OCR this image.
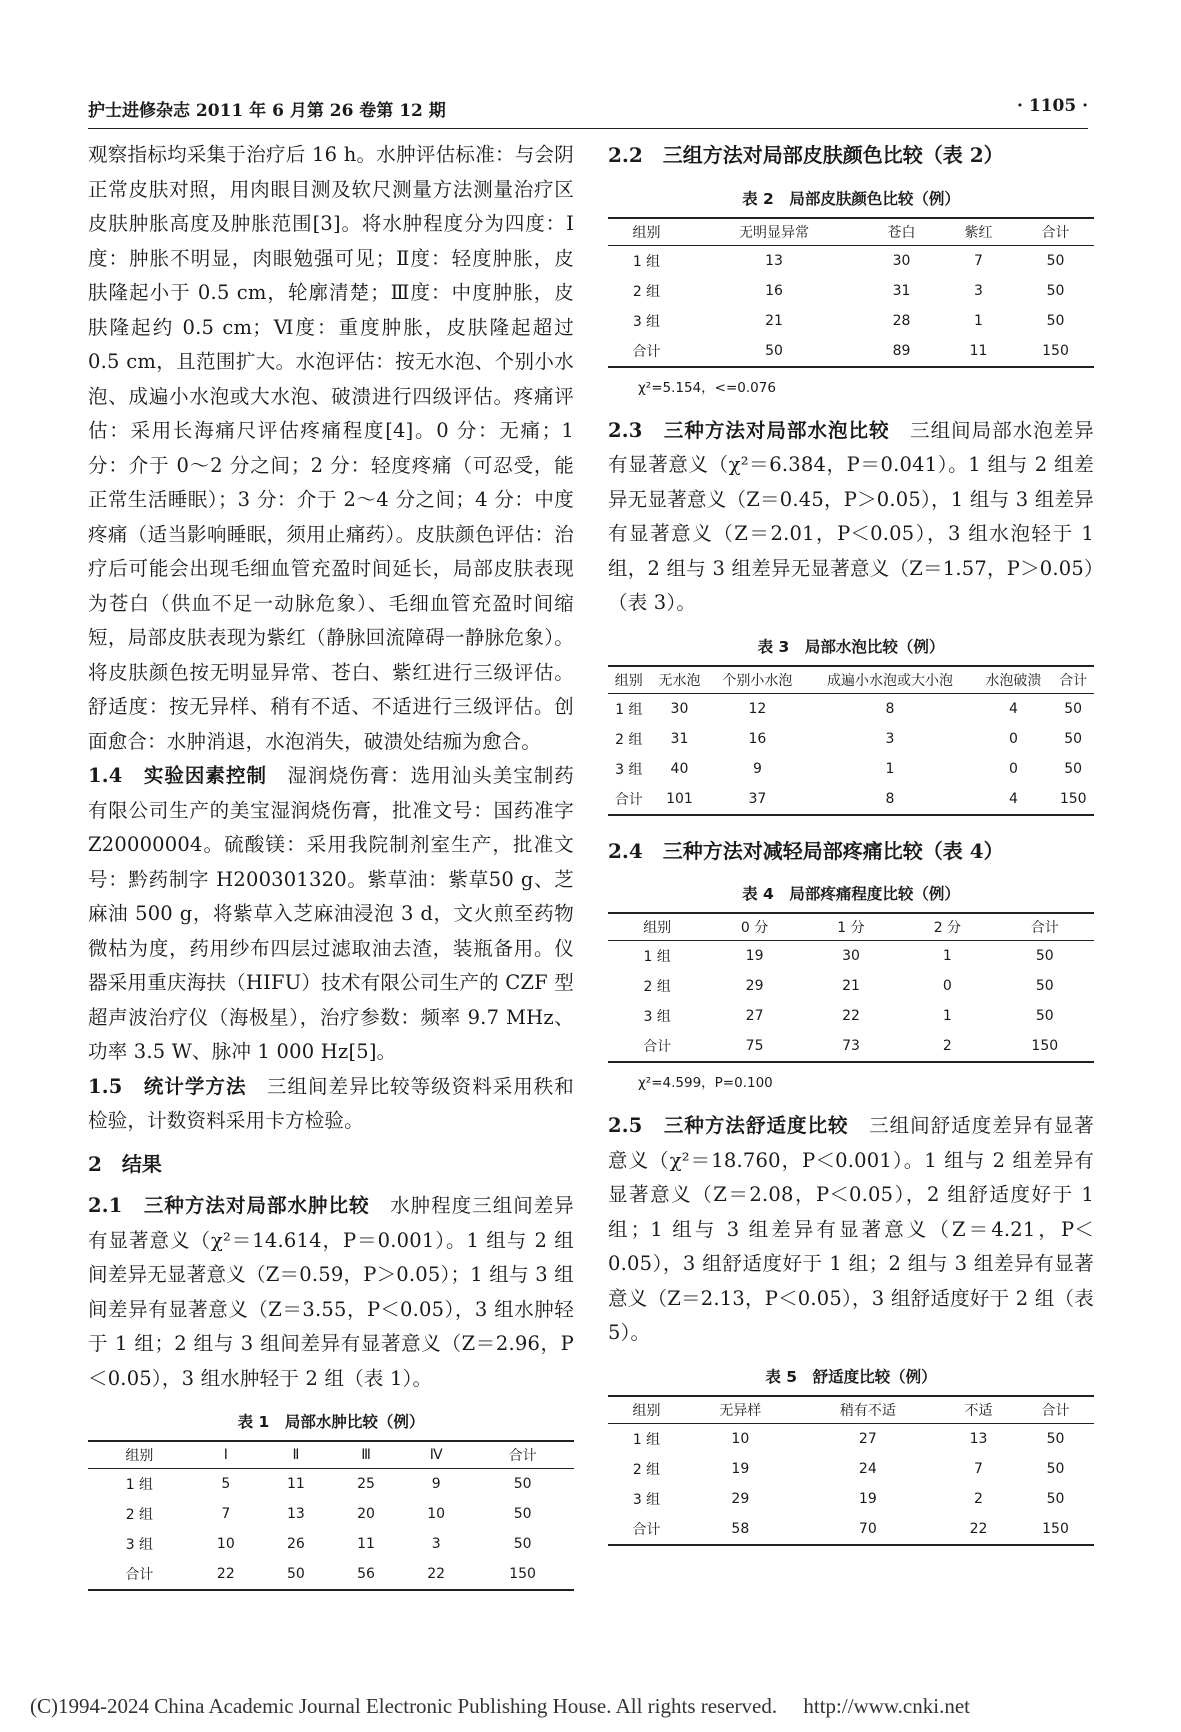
护士进修杂志 2011 年 6 月第 26 卷第 12 期	· 1105 ·

观察指标均采集于治疗后 16 h。水肿评估标准：与会阴正常皮肤对照，用肉眼目测及软尺测量方法测量治疗区皮肤肿胀高度及肿胀范围[3]。将水肿程度分为四度：Ⅰ度：肿胀不明显，肉眼勉强可见；Ⅱ度：轻度肿胀，皮肤隆起小于 0.5 cm，轮廓清楚；Ⅲ度：中度肿胀，皮肤隆起约 0.5 cm；Ⅵ度：重度肿胀，皮肤隆起超过 0.5 cm，且范围扩大。水泡评估：按无水泡、个别小水泡、成遍小水泡或大水泡、破溃进行四级评估。疼痛评估：采用长海痛尺评估疼痛程度[4]。0 分：无痛；1 分：介于 0～2 分之间；2 分：轻度疼痛（可忍受，能正常生活睡眠）；3 分：介于 2～4 分之间；4 分：中度疼痛（适当影响睡眠，须用止痛药）。皮肤颜色评估：治疗后可能会出现毛细血管充盈时间延长，局部皮肤表现为苍白（供血不足一动脉危象）、毛细血管充盈时间缩短，局部皮肤表现为紫红（静脉回流障碍一静脉危象）。将皮肤颜色按无明显异常、苍白、紫红进行三级评估。舒适度：按无异样、稍有不适、不适进行三级评估。创面愈合：水肿消退，水泡消失，破溃处结痂为愈合。

1.4　实验因素控制　 湿润烧伤膏：选用汕头美宝制药有限公司生产的美宝湿润烧伤膏，批准文号：国药准字 Z20000004。硫酸镁：采用我院制剂室生产，批准文号：黔药制字 H200301320。紫草油：紫草50 g、芝麻油 500 g，将紫草入芝麻油浸泡 3 d，文火煎至药物微枯为度，药用纱布四层过滤取油去渣，装瓶备用。仪器采用重庆海扶（HIFU）技术有限公司生产的 CZF 型超声波治疗仪（海极星），治疗参数：频率 9.7 MHz、功率 3.5 W、脉冲 1 000 Hz[5]。

1.5　统计学方法　 三组间差异比较等级资料采用秩和检验，计数资料采用卡方检验。

2　结果

2.1　三种方法对局部水肿比较　 水肿程度三组间差异有显著意义（χ²＝14.614，P＝0.001）。1 组与 2 组间差异无显著意义（Z＝0.59，P＞0.05）；1 组与 3 组间差异有显著意义（Z＝3.55，P＜0.05），3 组水肿轻于 1 组；2 组与 3 组间差异有显著意义（Z＝2.96，P＜0.05），3 组水肿轻于 2 组（表 1）。

表 1　局部水肿比较（例）
组别	Ⅰ	Ⅱ	Ⅲ	Ⅳ	合计
1 组	5	11	25	9	50
2 组	7	13	20	10	50
3 组	10	26	11	3	50
合计	22	50	56	22	150
2.2　三组方法对局部皮肤颜色比较（表 2）
表 2　局部皮肤颜色比较（例）
组别	无明显异常	苍白	紫红	合计
1 组	13	30	7	50
2 组	16	31	3	50
3 组	21	28	1	50
合计	50	89	11	150
χ²=5.154，<=0.076

2.3　三种方法对局部水泡比较　 三组间局部水泡差异有显著意义（χ²＝6.384，P＝0.041）。1 组与 2 组差异无显著意义（Z＝0.45，P＞0.05），1 组与 3 组差异有显著意义（Z＝2.01，P＜0.05），3 组水泡轻于 1 组，2 组与 3 组差异无显著意义（Z＝1.57，P＞0.05）（表 3）。

表 3　局部水泡比较（例）
组别	无水泡	个别小水泡	成遍小水泡或大小泡	水泡破溃	合计
1 组	30	12	8	4	50
2 组	31	16	3	0	50
3 组	40	9	1	0	50
合计	101	37	8	4	150
2.4　三种方法对减轻局部疼痛比较（表 4）
表 4　局部疼痛程度比较（例）
组别	0 分	1 分	2 分	合计
1 组	19	30	1	50
2 组	29	21	0	50
3 组	27	22	1	50
合计	75	73	2	150
χ²=4.599，P=0.100

2.5　三种方法舒适度比较　 三组间舒适度差异有显著意义（χ²＝18.760，P＜0.001）。1 组与 2 组差异有显著意义（Z＝2.08，P＜0.05），2 组舒适度好于 1 组；1 组与 3 组差异有显著意义（Z＝4.21，P＜0.05），3 组舒适度好于 1 组；2 组与 3 组差异有显著意义（Z＝2.13，P＜0.05），3 组舒适度好于 2 组（表 5）。

表 5　舒适度比较（例）
组别	无异样	稍有不适	不适	合计
1 组	10	27	13	50
2 组	19	24	7	50
3 组	29	19	2	50
合计	58	70	22	150
(C)1994-2024 China Academic Journal Electronic Publishing House. All rights reserved.　 http://www.cnki.net
